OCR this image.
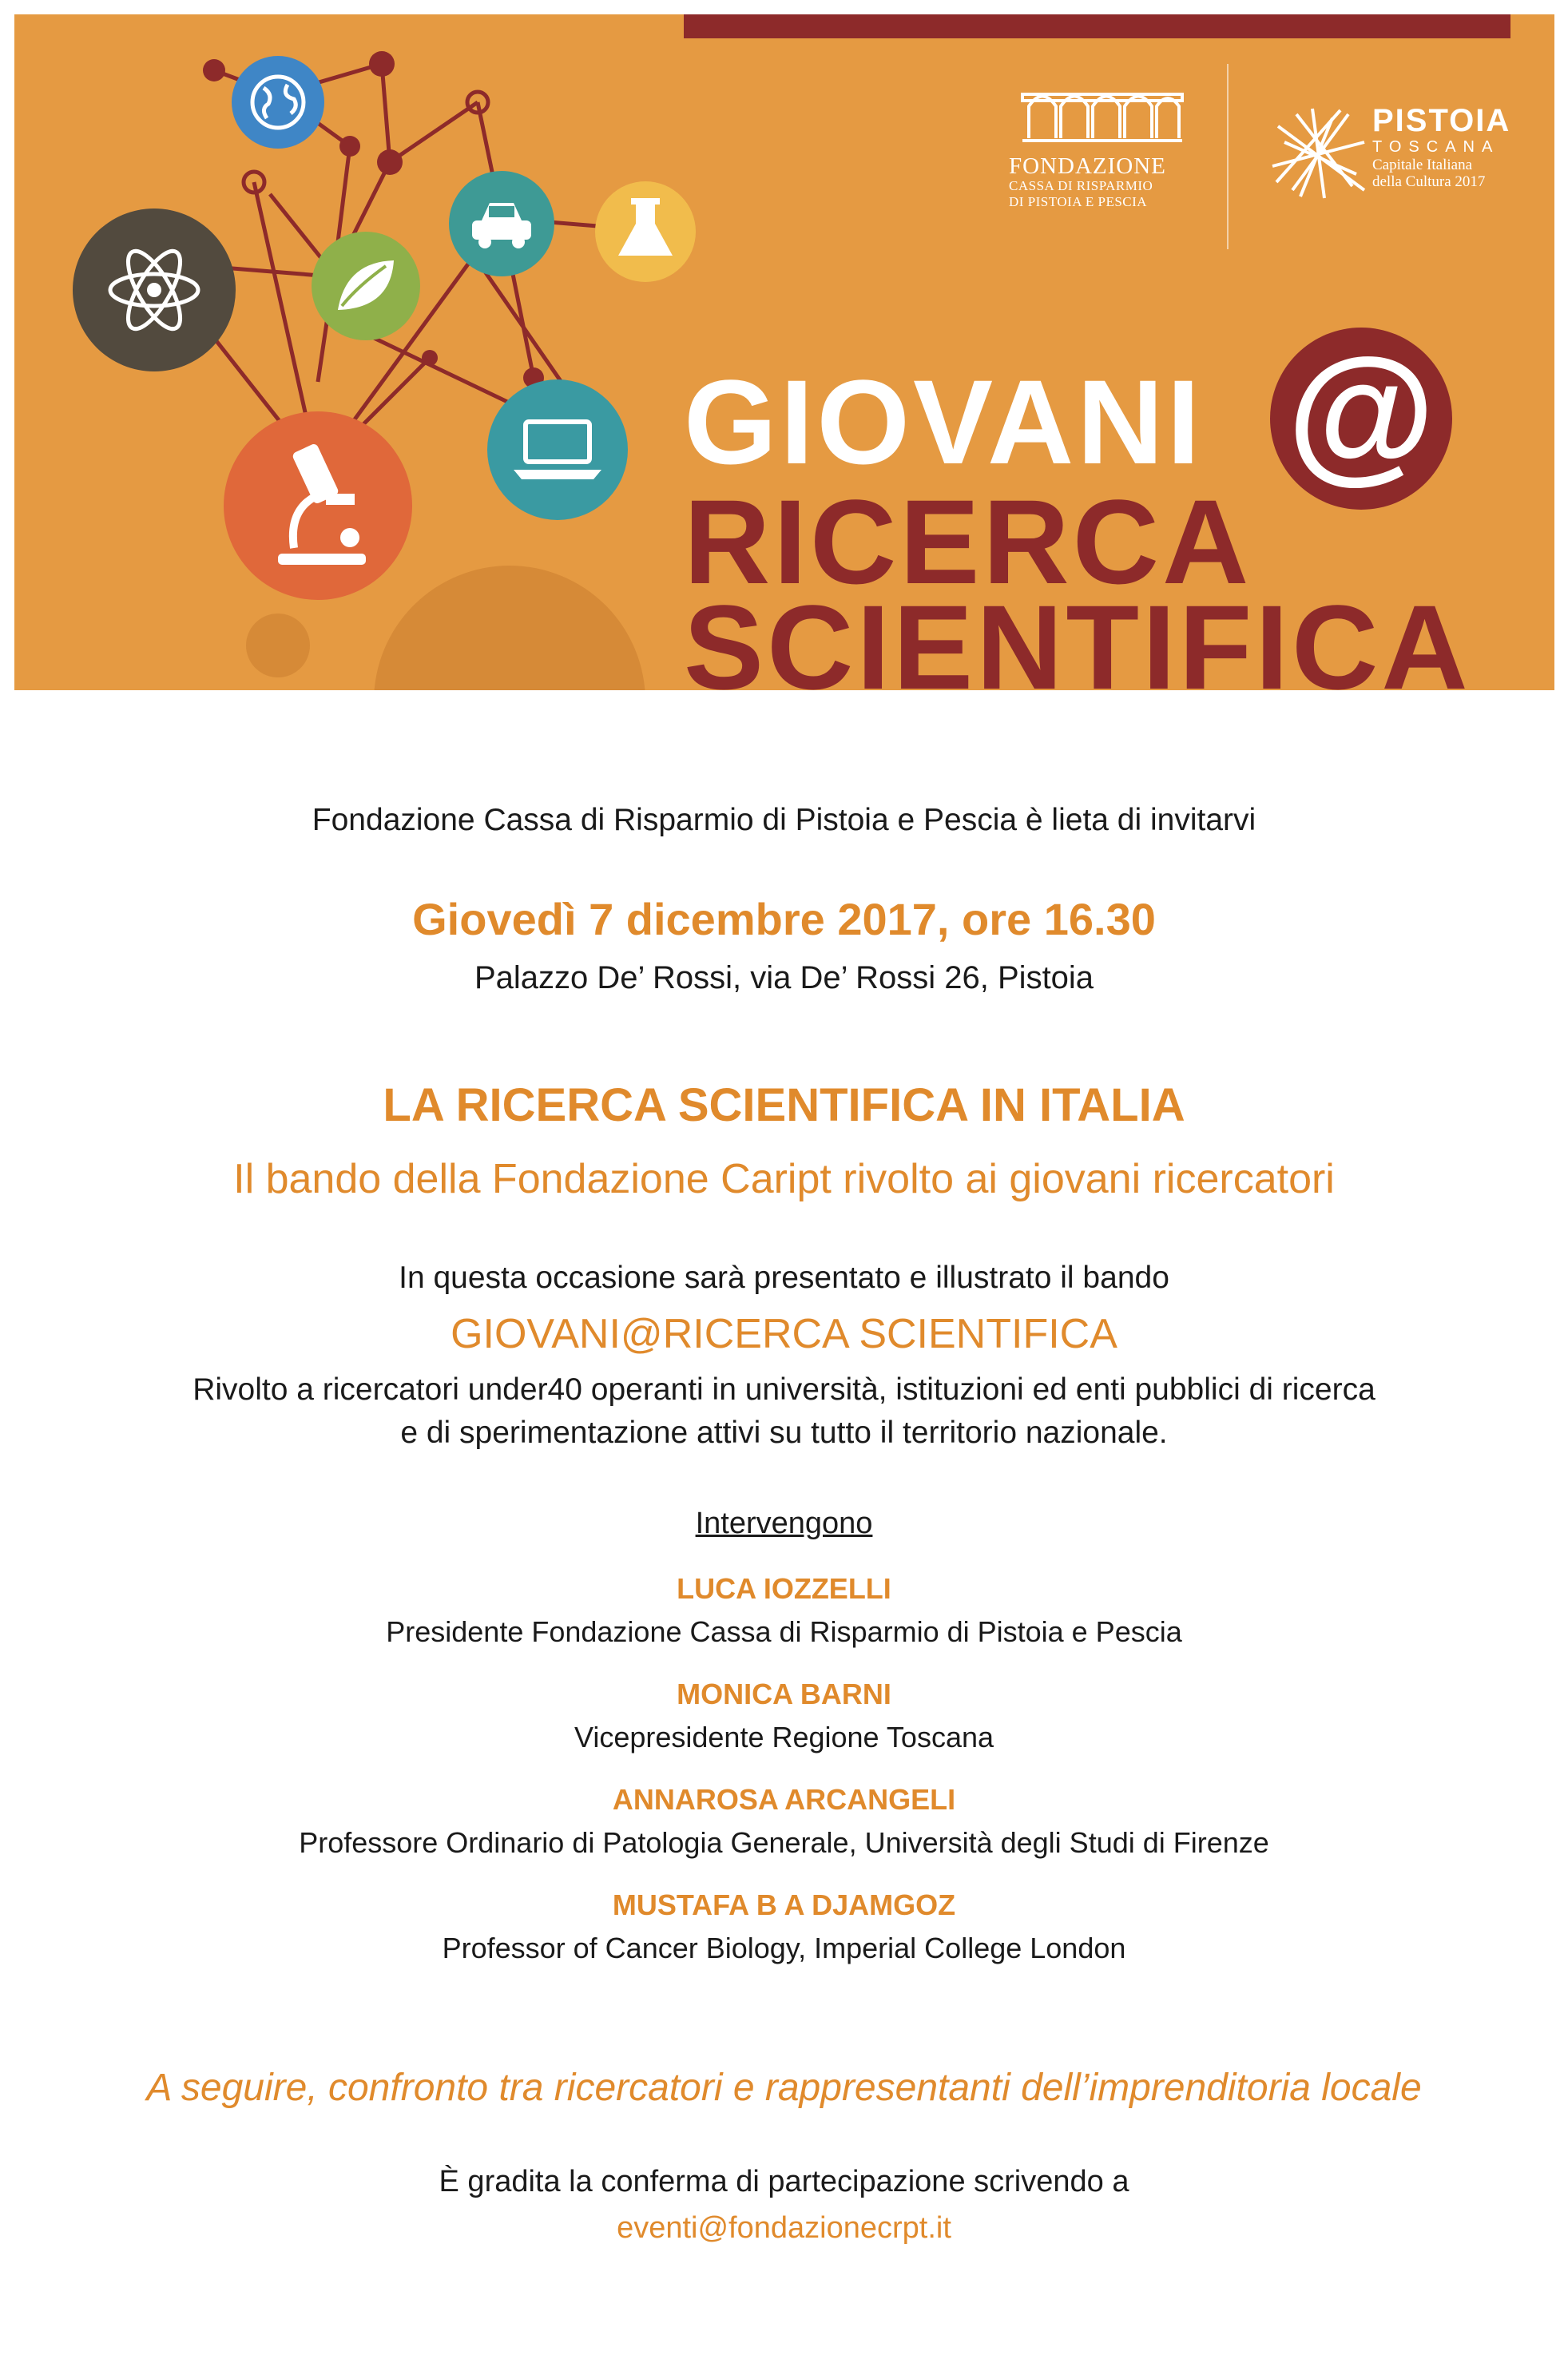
FONDAZIONE
CASSA DI RISPARMIO
DI PISTOIA E PESCIA
PISTOIA
TOSCANA
Capitale Italiana
della Cultura 2017
GIOVANI
RICERCA
SCIENTIFICA
@
Fondazione Cassa di Risparmio di Pistoia e Pescia è lieta di invitarvi
Giovedì 7 dicembre 2017, ore 16.30
Palazzo De’ Rossi, via De’ Rossi 26, Pistoia
LA RICERCA SCIENTIFICA IN ITALIA
Il bando della Fondazione Caript rivolto ai giovani ricercatori
In questa occasione sarà presentato e illustrato il bando
GIOVANI@RICERCA SCIENTIFICA
Rivolto a ricercatori under40 operanti in università, istituzioni ed enti pubblici di ricerca
e di sperimentazione attivi su tutto il territorio nazionale.
Intervengono
LUCA IOZZELLI
Presidente Fondazione Cassa di Risparmio di Pistoia e Pescia
MONICA BARNI
Vicepresidente Regione Toscana
ANNAROSA ARCANGELI
Professore Ordinario di Patologia Generale, Università degli Studi di Firenze
MUSTAFA B A DJAMGOZ
Professor of Cancer Biology, Imperial College London
A seguire, confronto tra ricercatori e rappresentanti dell’imprenditoria locale
È gradita la conferma di partecipazione scrivendo a
eventi@fondazionecrpt.it
